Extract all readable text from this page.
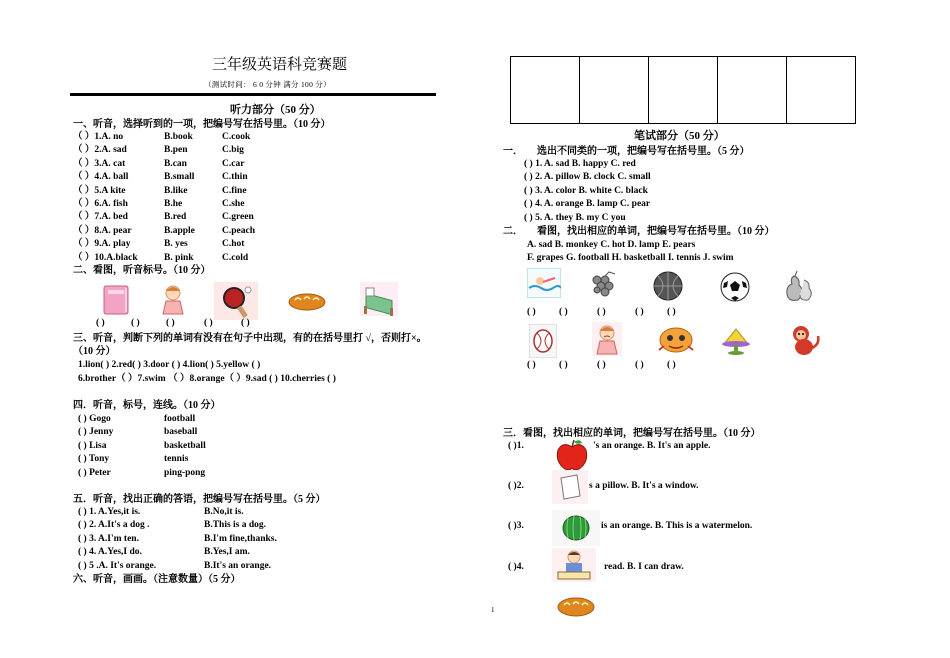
三年级英语科竞赛题
（测试时间： 6 0 分钟 满分 100 分）
听力部分（50 分）
一、听音，选择听到的一项，把编号写在括号里。（10 分）
（ ）1.A. no	B.book	C.cook
（ ）2.A. sad	B.pen	C.big
（ ）3.A. cat	B.can	C.car
（ ）4.A. ball	B.small	C.thin
（ ）5.A kite	B.like	C.fine
（ ）6.A. fish	B.he	C.she
（ ）7.A. bed	B.red	C.green
（ ）8.A. pear	B.apple	C.peach
（ ）9.A. play	B. yes	C.hot
（ ）10.A.black	B. pink	C.cold
二、看图，听音标号。（10 分）
( )	( )	( )	( )	( )
三、听音，判断下列的单词有没有在句子中出现，有的在括号里打 √，否则打×。
（10 分）
1.lion( ) 2.red( ) 3.door ( ) 4.lion( ) 5.yellow ( )
6.brother（ ）7.swim （ ）8.orange（ ）9.sad ( ) 10.cherries ( )
四．听音，标号，连线。（10 分）
( ) Gogo	football
( ) Jenny	baseball
( ) Lisa	basketball
( ) Tony	tennis
( ) Peter	ping-pong
五．听音，找出正确的答语，把编号写在括号里。（5 分）
( ) 1. A.Yes,it is.	B.No,it is.
( ) 2. A.It's a dog .	B.This is a dog.
( ) 3. A.I'm ten.	B.I'm fine,thanks.
( ) 4. A.Yes,I do.	B.Yes,I am.
( ) 5 .A. It's orange.	B.It's an orange.
六、听音，画画。（注意数量）（5 分）

笔试部分（50 分）
一． 选出不同类的一项，把编号写在括号里。（5 分）
( ) 1. A. sad B. happy C. red
( ) 2. A. pillow B. clock C. small
( ) 3. A. color B. white C. black
( ) 4. A. orange B. lamp C. pear
( ) 5. A. they B. my C you
二． 看图，找出相应的单词，把编号写在括号里。（10 分）
A. sad B. monkey C. hot D. lamp E. pears
F. grapes G. football H. basketball I. tennis J. swim
( ) ( )	( )	( ) ( )
( ) ( )	( )	( ) ( )
三．看图，找出相应的单词，把编号写在括号里。（10 分）
( )1.	's an orange. B. It's an apple.
( )2.	s a pillow. B. It's a window.
( )3.	is an orange. B. This is a watermelon.
( )4.	read. B. I can draw.
1
